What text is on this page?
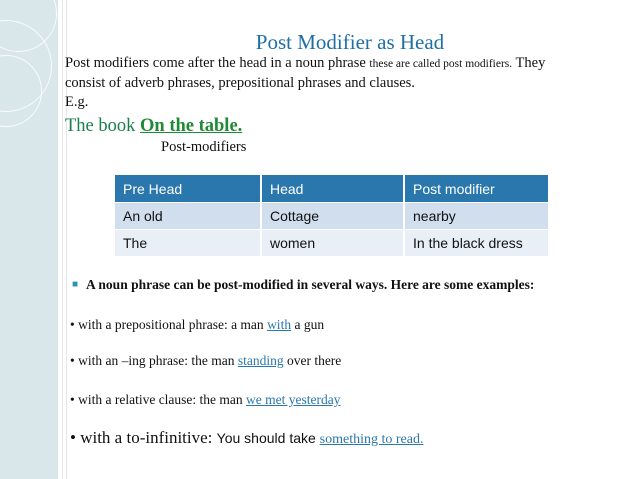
Post Modifier as Head
Post modifiers come after the head in a noun phrase these are called post modifiers. They consist of adverb phrases, prepositional phrases and clauses.
E.g.
The book On the table.
Post-modifiers
Pre Head	Head	Post modifier
An old	Cottage	nearby
The	women	In the black dress
■ A noun phrase can be post-modified in several ways. Here are some examples:
• with a prepositional phrase: a man with a gun
• with an –ing phrase: the man standing over there
• with a relative clause: the man we met yesterday
• with a to-infinitive: You should take something to read.
